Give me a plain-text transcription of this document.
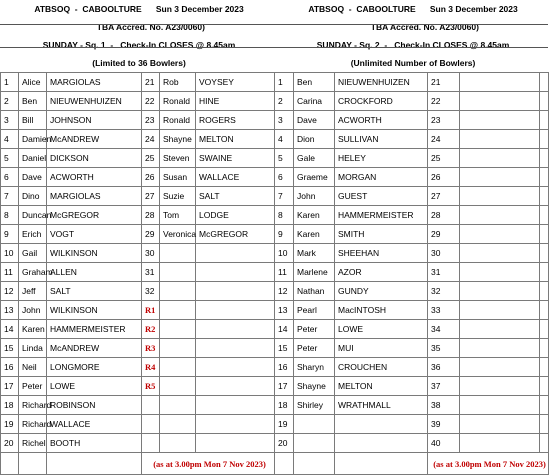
ATBSOQ  -  CABOOLTURE Sun 3 December 2023					
TBA Accred. No. A23/0060)					
SUNDAY - Sq. 1  -   Check-In CLOSES @ 8.45am					
(Limited to 36 Bowlers)					
1	Alice	MARGIOLAS	21	Rob	VOYSEY
2	Ben	NIEUWENHUIZEN	22	Ronald	HINE
3	Bill	JOHNSON	23	Ronald	ROGERS
4	Damien	McANDREW	24	Shayne	MELTON
5	Daniel	DICKSON	25	Steven	SWAINE
6	Dave	ACWORTH	26	Susan	WALLACE
7	Dino	MARGIOLAS	27	Suzie	SALT
8	Duncan	McGREGOR	28	Tom	LODGE
9	Erich	VOGT	29	Veronica	McGREGOR
10	Gail	WILKINSON	30		
11	Graham	ALLEN	31		
12	Jeff	SALT	32		
13	John	WILKINSON	R1		
14	Karen	HAMMERMEISTER	R2		
15	Linda	McANDREW	R3		
16	Neil	LONGMORE	R4		
17	Peter	LOWE	R5		
18	Richard	ROBINSON			
19	Richard	WALLACE			
20	Richel	BOOTH			
			(as at 3.00pm Mon 7 Nov 2023)		
ATBSOQ  -  CABOOLTURE Sun 3 December 2023					
TBA Accred. No. A23/0060)					
SUNDAY - Sq. 2  -   Check-In CLOSES @ 8.45am					
(Unlimited Number of Bowlers)					
1	Ben	NIEUWENHUIZEN	21		
2	Carina	CROCKFORD	22		
3	Dave	ACWORTH	23		
4	Dion	SULLIVAN	24		
5	Gale	HELEY	25		
6	Graeme	MORGAN	26		
7	John	GUEST	27		
8	Karen	HAMMERMEISTER	28		
9	Karen	SMITH	29		
10	Mark	SHEEHAN	30		
11	Marlene	AZOR	31		
12	Nathan	GUNDY	32		
13	Pearl	MacINTOSH	33		
14	Peter	LOWE	34		
15	Peter	MUI	35		
16	Sharyn	CROUCHEN	36		
17	Shayne	MELTON	37		
18	Shirley	WRATHMALL	38		
19			39		
20			40		
			(as at 3.00pm Mon 7 Nov 2023)		
